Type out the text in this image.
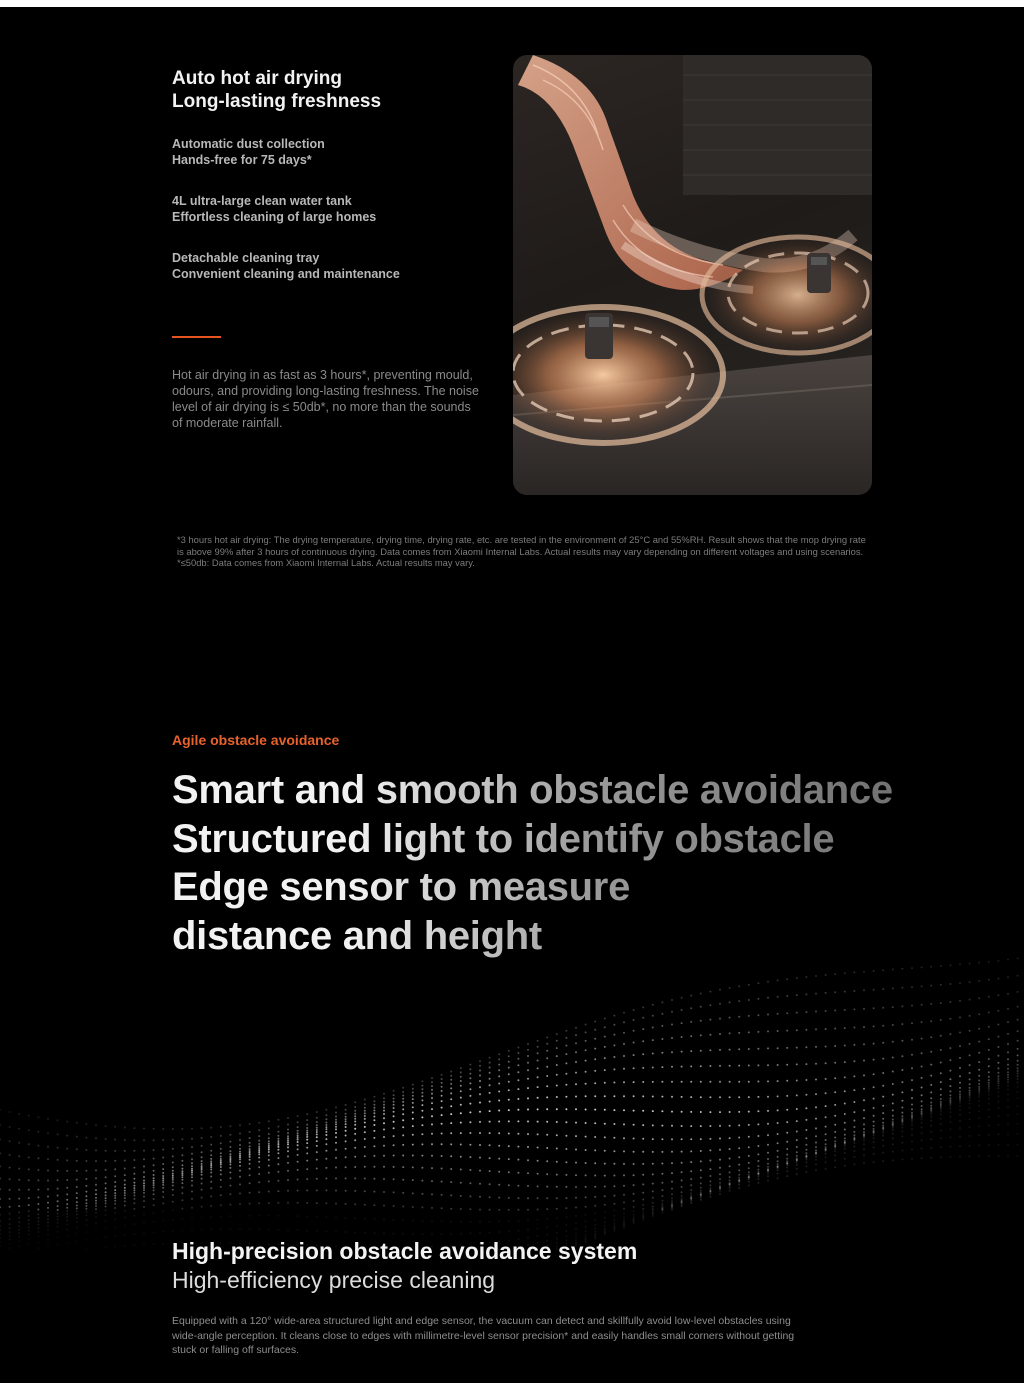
Auto hot air drying
Long-lasting freshness
Automatic dust collection
Hands-free for 75 days*
4L ultra-large clean water tank
Effortless cleaning of large homes
Detachable cleaning tray
Convenient cleaning and maintenance

Hot air drying in as fast as 3 hours*, preventing mould, odours, and providing long-lasting freshness. The noise level of air drying is ≤ 50db*, no more than the sounds of moderate rainfall.

*3 hours hot air drying: The drying temperature, drying time, drying rate, etc. are tested in the environment of 25°C and 55%RH. Result shows that the mop drying rate is above 99% after 3 hours of continuous drying. Data comes from Xiaomi Internal Labs. Actual results may vary depending on different voltages and using scenarios.
*≤50db: Data comes from Xiaomi Internal Labs. Actual results may vary.
Agile obstacle avoidance
Smart and smooth obstacle avoidance
Structured light to identify obstacle
Edge sensor to measure
distance and height
High-precision obstacle avoidance system
High-efficiency precise cleaning

Equipped with a 120° wide-area structured light and edge sensor, the vacuum can detect and skillfully avoid low-level obstacles using wide-angle perception. It cleans close to edges with millimetre-level sensor precision* and easily handles small corners without getting stuck or falling off surfaces.
